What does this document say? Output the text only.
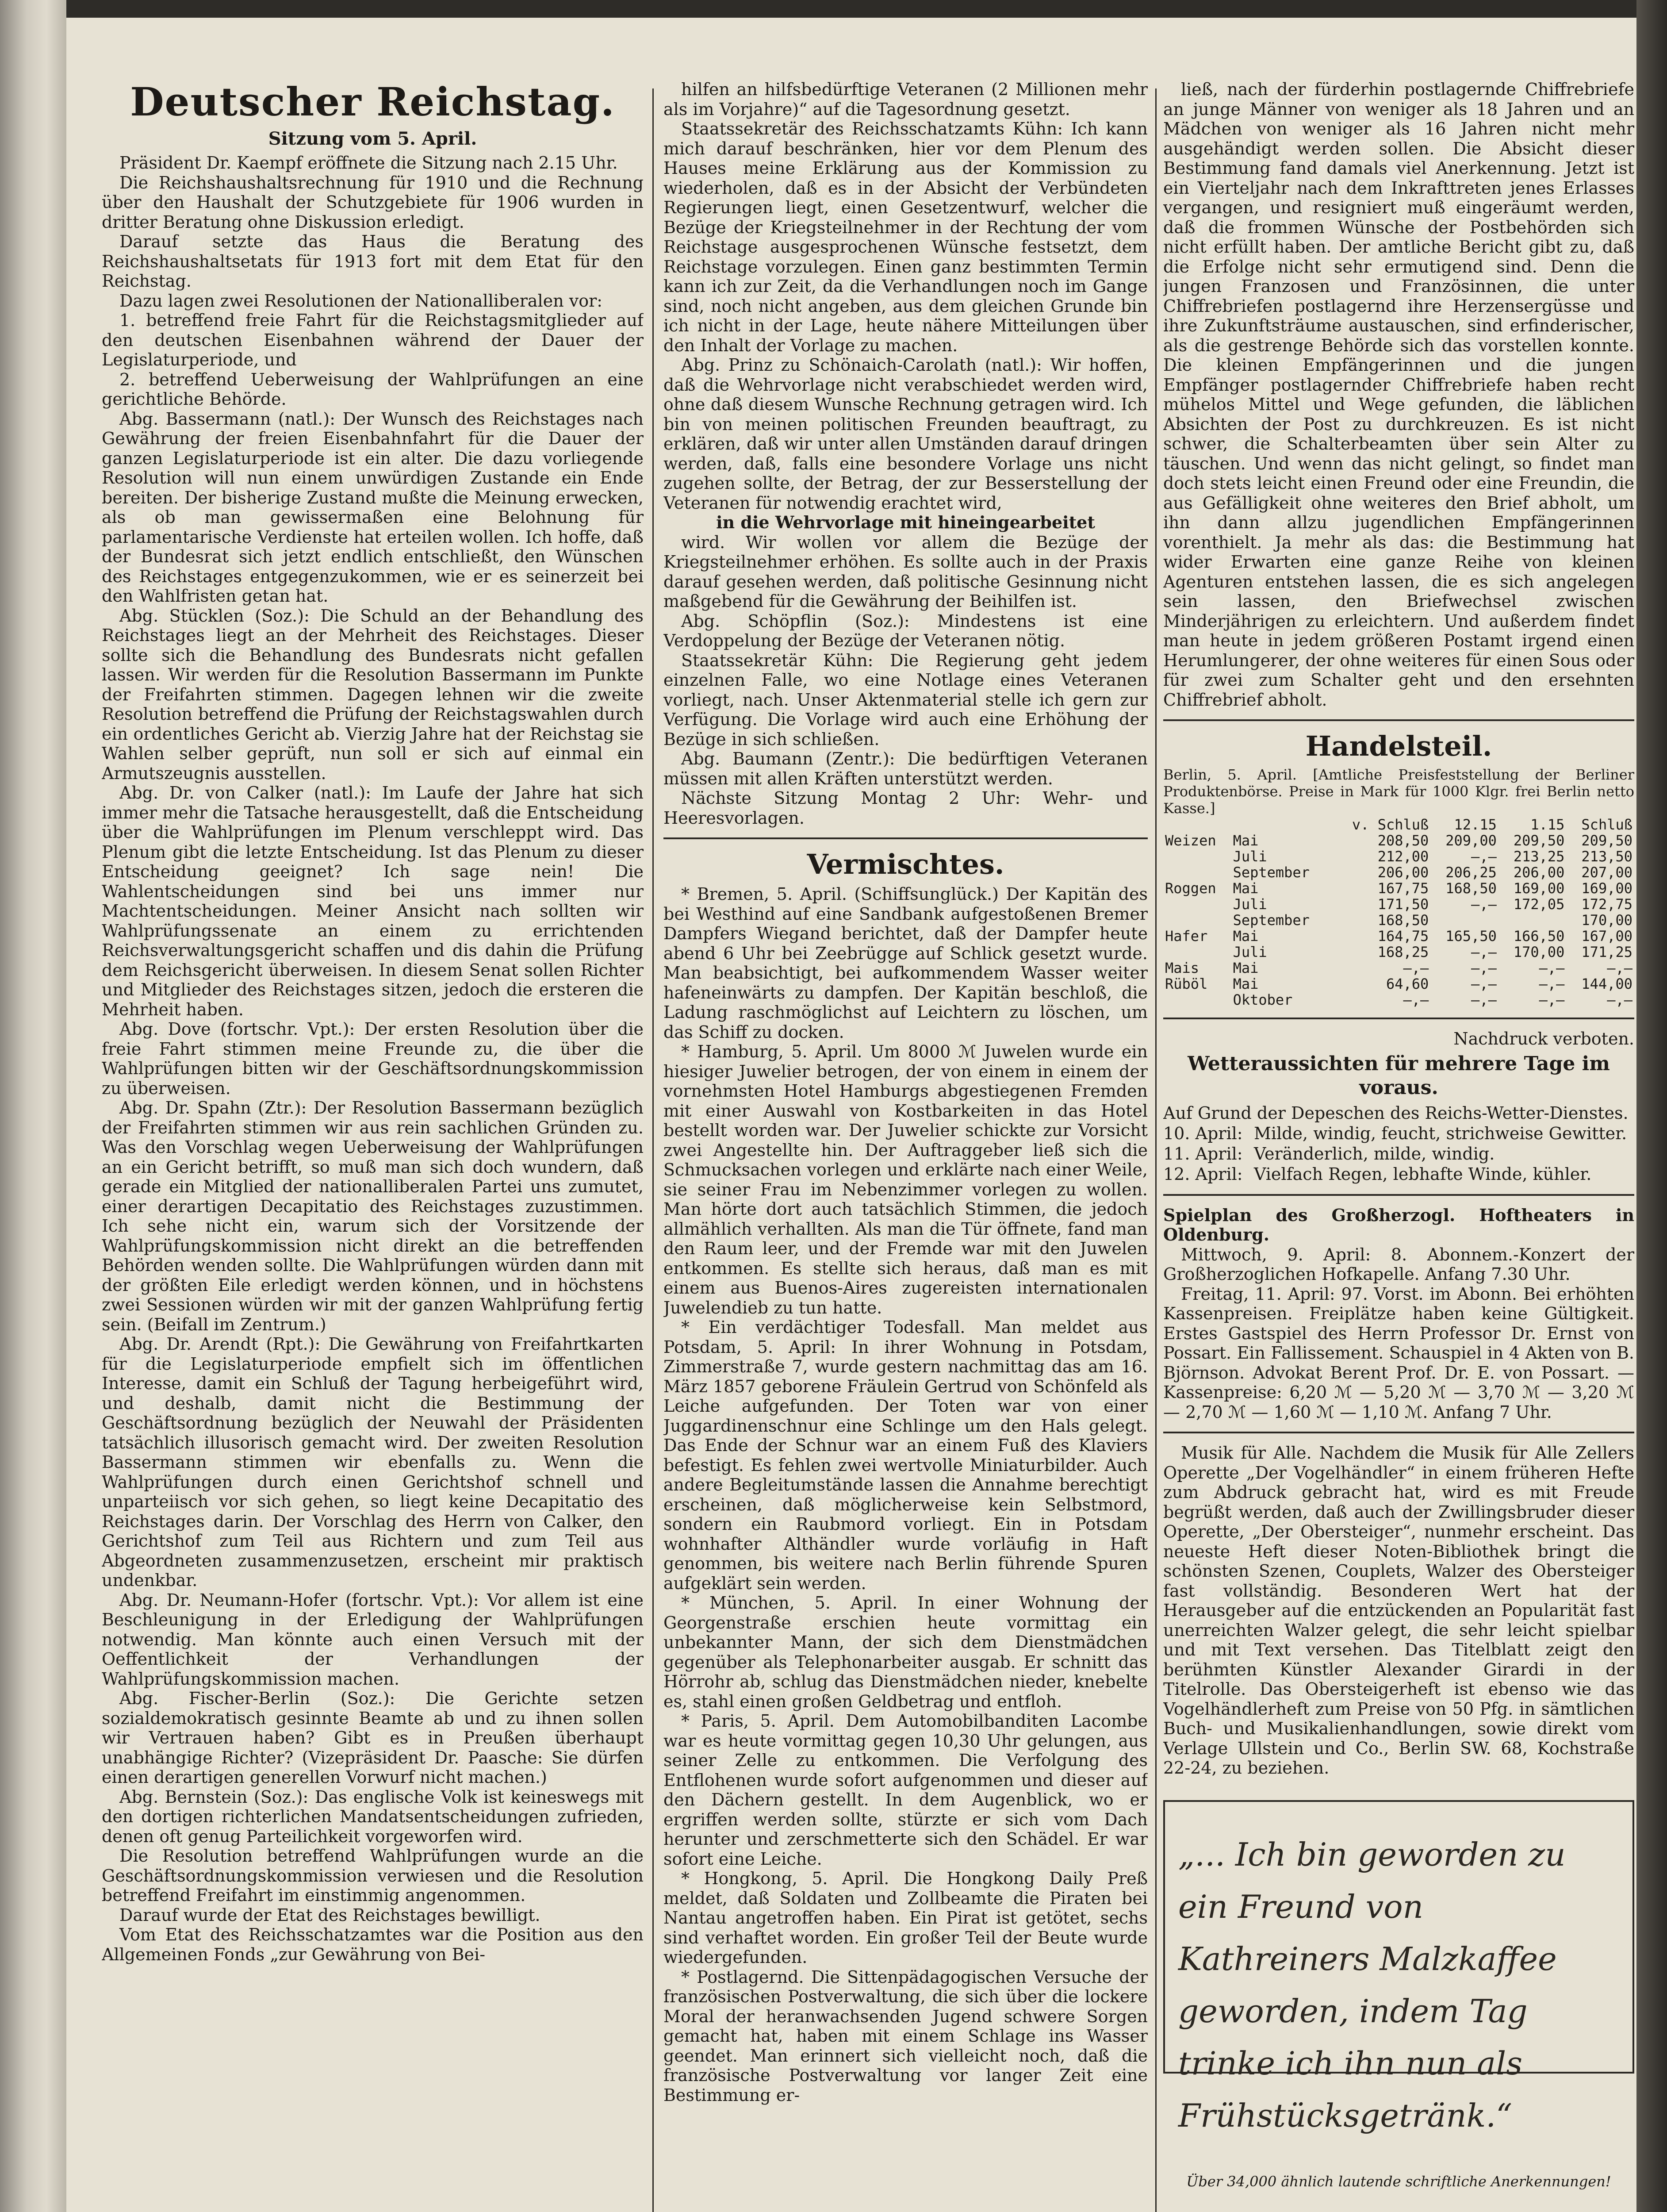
Deutscher Reichstag.
Sitzung vom 5. April.

Präsident Dr. Kaempf eröffnete die Sitzung nach 2.15 Uhr.

Die Reichshaushaltsrechnung für 1910 und die Rechnung über den Haushalt der Schutzgebiete für 1906 wurden in dritter Beratung ohne Diskussion erledigt.

Darauf setzte das Haus die Beratung des Reichshaushaltsetats für 1913 fort mit dem Etat für den Reichstag.

Dazu lagen zwei Resolutionen der Nationalliberalen vor:

1. betreffend freie Fahrt für die Reichstagsmitglieder auf den deutschen Eisenbahnen während der Dauer der Legislaturperiode, und

2. betreffend Ueberweisung der Wahlprüfungen an eine gerichtliche Behörde.

Abg. Bassermann (natl.): Der Wunsch des Reichstages nach Gewährung der freien Eisenbahnfahrt für die Dauer der ganzen Legislaturperiode ist ein alter. Die dazu vorliegende Resolution will nun einem unwürdigen Zustande ein Ende bereiten. Der bisherige Zustand mußte die Meinung erwecken, als ob man gewissermaßen eine Belohnung für parlamentarische Verdienste hat erteilen wollen. Ich hoffe, daß der Bundesrat sich jetzt endlich entschließt, den Wünschen des Reichstages entgegenzukommen, wie er es seinerzeit bei den Wahlfristen getan hat.

Abg. Stücklen (Soz.): Die Schuld an der Behandlung des Reichstages liegt an der Mehrheit des Reichstages. Dieser sollte sich die Behandlung des Bundesrats nicht gefallen lassen. Wir werden für die Resolution Bassermann im Punkte der Freifahrten stimmen. Dagegen lehnen wir die zweite Resolution betreffend die Prüfung der Reichstagswahlen durch ein ordentliches Gericht ab. Vierzig Jahre hat der Reichstag sie Wahlen selber geprüft, nun soll er sich auf einmal ein Armutszeugnis ausstellen.

Abg. Dr. von Calker (natl.): Im Laufe der Jahre hat sich immer mehr die Tatsache herausgestellt, daß die Entscheidung über die Wahlprüfungen im Plenum verschleppt wird. Das Plenum gibt die letzte Entscheidung. Ist das Plenum zu dieser Entscheidung geeignet? Ich sage nein! Die Wahlentscheidungen sind bei uns immer nur Machtentscheidungen. Meiner Ansicht nach sollten wir Wahlprüfungssenate an einem zu errichtenden Reichsverwaltungsgericht schaffen und dis dahin die Prüfung dem Reichsgericht überweisen. In diesem Senat sollen Richter und Mitglieder des Reichstages sitzen, jedoch die ersteren die Mehrheit haben.

Abg. Dove (fortschr. Vpt.): Der ersten Resolution über die freie Fahrt stimmen meine Freunde zu, die über die Wahlprüfungen bitten wir der Geschäftsordnungskommission zu überweisen.

Abg. Dr. Spahn (Ztr.): Der Resolution Bassermann bezüglich der Freifahrten stimmen wir aus rein sachlichen Gründen zu. Was den Vorschlag wegen Ueberweisung der Wahlprüfungen an ein Gericht betrifft, so muß man sich doch wundern, daß gerade ein Mitglied der nationalliberalen Partei uns zumutet, einer derartigen Decapitatio des Reichstages zuzustimmen. Ich sehe nicht ein, warum sich der Vorsitzende der Wahlprüfungskommission nicht direkt an die betreffenden Behörden wenden sollte. Die Wahlprüfungen würden dann mit der größten Eile erledigt werden können, und in höchstens zwei Sessionen würden wir mit der ganzen Wahlprüfung fertig sein. (Beifall im Zentrum.)

Abg. Dr. Arendt (Rpt.): Die Gewährung von Freifahrtkarten für die Legislaturperiode empfielt sich im öffentlichen Interesse, damit ein Schluß der Tagung herbeigeführt wird, und deshalb, damit nicht die Bestimmung der Geschäftsordnung bezüglich der Neuwahl der Präsidenten tatsächlich illusorisch gemacht wird. Der zweiten Resolution Bassermann stimmen wir ebenfalls zu. Wenn die Wahlprüfungen durch einen Gerichtshof schnell und unparteiisch vor sich gehen, so liegt keine Decapitatio des Reichstages darin. Der Vorschlag des Herrn von Calker, den Gerichtshof zum Teil aus Richtern und zum Teil aus Abgeordneten zusammenzusetzen, erscheint mir praktisch undenkbar.

Abg. Dr. Neumann-Hofer (fortschr. Vpt.): Vor allem ist eine Beschleunigung in der Erledigung der Wahlprüfungen notwendig. Man könnte auch einen Versuch mit der Oeffentlichkeit der Verhandlungen der Wahlprüfungskommission machen.

Abg. Fischer-Berlin (Soz.): Die Gerichte setzen sozialdemokratisch gesinnte Beamte ab und zu ihnen sollen wir Vertrauen haben? Gibt es in Preußen überhaupt unabhängige Richter? (Vizepräsident Dr. Paasche: Sie dürfen einen derartigen generellen Vorwurf nicht machen.)

Abg. Bernstein (Soz.): Das englische Volk ist keineswegs mit den dortigen richterlichen Mandatsentscheidungen zufrieden, denen oft genug Parteilichkeit vorgeworfen wird.

Die Resolution betreffend Wahlprüfungen wurde an die Geschäftsordnungskommission verwiesen und die Resolution betreffend Freifahrt im einstimmig angenommen.

Darauf wurde der Etat des Reichstages bewilligt.

Vom Etat des Reichsschatzamtes war die Position aus den Allgemeinen Fonds „zur Gewährung von Bei-

hilfen an hilfsbedürftige Veteranen (2 Millionen mehr als im Vorjahre)“ auf die Tagesordnung gesetzt.

Staatssekretär des Reichsschatzamts Kühn: Ich kann mich darauf beschränken, hier vor dem Plenum des Hauses meine Erklärung aus der Kommission zu wiederholen, daß es in der Absicht der Verbündeten Regierungen liegt, einen Gesetzentwurf, welcher die Bezüge der Kriegsteilnehmer in der Rechtung der vom Reichstage ausgesprochenen Wünsche festsetzt, dem Reichstage vorzulegen. Einen ganz bestimmten Termin kann ich zur Zeit, da die Verhandlungen noch im Gange sind, noch nicht angeben, aus dem gleichen Grunde bin ich nicht in der Lage, heute nähere Mitteilungen über den Inhalt der Vorlage zu machen.

Abg. Prinz zu Schönaich-Carolath (natl.): Wir hoffen, daß die Wehrvorlage nicht verabschiedet werden wird, ohne daß diesem Wunsche Rechnung getragen wird. Ich bin von meinen politischen Freunden beauftragt, zu erklären, daß wir unter allen Umständen darauf dringen werden, daß, falls eine besondere Vorlage uns nicht zugehen sollte, der Betrag, der zur Besserstellung der Veteranen für notwendig erachtet wird,

in die Wehrvorlage mit hineingearbeitet

wird. Wir wollen vor allem die Bezüge der Kriegsteilnehmer erhöhen. Es sollte auch in der Praxis darauf gesehen werden, daß politische Gesinnung nicht maßgebend für die Gewährung der Beihilfen ist.

Abg. Schöpflin (Soz.): Mindestens ist eine Verdoppelung der Bezüge der Veteranen nötig.

Staatssekretär Kühn: Die Regierung geht jedem einzelnen Falle, wo eine Notlage eines Veteranen vorliegt, nach. Unser Aktenmaterial stelle ich gern zur Verfügung. Die Vorlage wird auch eine Erhöhung der Bezüge in sich schließen.

Abg. Baumann (Zentr.): Die bedürftigen Veteranen müssen mit allen Kräften unterstützt werden.

Nächste Sitzung Montag 2 Uhr: Wehr- und Heeresvorlagen.

Vermischtes.

* Bremen, 5. April. (Schiffsunglück.) Der Kapitän des bei Westhind auf eine Sandbank aufgestoßenen Bremer Dampfers Wiegand berichtet, daß der Dampfer heute abend 6 Uhr bei Zeebrügge auf Schlick gesetzt wurde. Man beabsichtigt, bei aufkommendem Wasser weiter hafeneinwärts zu dampfen. Der Kapitän beschloß, die Ladung raschmöglichst auf Leichtern zu löschen, um das Schiff zu docken.

* Hamburg, 5. April. Um 8000 ℳ Juwelen wurde ein hiesiger Juwelier betrogen, der von einem in einem der vornehmsten Hotel Hamburgs abgestiegenen Fremden mit einer Auswahl von Kostbarkeiten in das Hotel bestellt worden war. Der Juwelier schickte zur Vorsicht zwei Angestellte hin. Der Auftraggeber ließ sich die Schmucksachen vorlegen und erklärte nach einer Weile, sie seiner Frau im Nebenzimmer vorlegen zu wollen. Man hörte dort auch tatsächlich Stimmen, die jedoch allmählich verhallten. Als man die Tür öffnete, fand man den Raum leer, und der Fremde war mit den Juwelen entkommen. Es stellte sich heraus, daß man es mit einem aus Buenos-Aires zugereisten internationalen Juwelendieb zu tun hatte.

* Ein verdächtiger Todesfall. Man meldet aus Potsdam, 5. April: In ihrer Wohnung in Potsdam, Zimmerstraße 7, wurde gestern nachmittag das am 16. März 1857 geborene Fräulein Gertrud von Schönfeld als Leiche aufgefunden. Der Toten war von einer Juggardinenschnur eine Schlinge um den Hals gelegt. Das Ende der Schnur war an einem Fuß des Klaviers befestigt. Es fehlen zwei wertvolle Miniaturbilder. Auch andere Begleitumstände lassen die Annahme berechtigt erscheinen, daß möglicherweise kein Selbstmord, sondern ein Raubmord vorliegt. Ein in Potsdam wohnhafter Althändler wurde vorläufig in Haft genommen, bis weitere nach Berlin führende Spuren aufgeklärt sein werden.

* München, 5. April. In einer Wohnung der Georgenstraße erschien heute vormittag ein unbekannter Mann, der sich dem Dienstmädchen gegenüber als Telephonarbeiter ausgab. Er schnitt das Hörrohr ab, schlug das Dienstmädchen nieder, knebelte es, stahl einen großen Geldbetrag und entfloh.

* Paris, 5. April. Dem Automobilbanditen Lacombe war es heute vormittag gegen 10,30 Uhr gelungen, aus seiner Zelle zu entkommen. Die Verfolgung des Entflohenen wurde sofort aufgenommen und dieser auf den Dächern gestellt. In dem Augenblick, wo er ergriffen werden sollte, stürzte er sich vom Dach herunter und zerschmetterte sich den Schädel. Er war sofort eine Leiche.

* Hongkong, 5. April. Die Hongkong Daily Preß meldet, daß Soldaten und Zollbeamte die Piraten bei Nantau angetroffen haben. Ein Pirat ist getötet, sechs sind verhaftet worden. Ein großer Teil der Beute wurde wiedergefunden.

* Postlagernd. Die Sittenpädagogischen Versuche der französischen Postverwaltung, die sich über die lockere Moral der heranwachsenden Jugend schwere Sorgen gemacht hat, haben mit einem Schlage ins Wasser geendet. Man erinnert sich vielleicht noch, daß die französische Postverwaltung vor langer Zeit eine Bestimmung er-

ließ, nach der fürderhin postlagernde Chiffrebriefe an junge Männer von weniger als 18 Jahren und an Mädchen von weniger als 16 Jahren nicht mehr ausgehändigt werden sollen. Die Absicht dieser Bestimmung fand damals viel Anerkennung. Jetzt ist ein Vierteljahr nach dem Inkrafttreten jenes Erlasses vergangen, und resigniert muß eingeräumt werden, daß die frommen Wünsche der Postbehörden sich nicht erfüllt haben. Der amtliche Bericht gibt zu, daß die Erfolge nicht sehr ermutigend sind. Denn die jungen Franzosen und Französinnen, die unter Chiffrebriefen postlagernd ihre Herzensergüsse und ihre Zukunftsträume austauschen, sind erfinderischer, als die gestrenge Behörde sich das vorstellen konnte. Die kleinen Empfängerinnen und die jungen Empfänger postlagernder Chiffrebriefe haben recht mühelos Mittel und Wege gefunden, die läblichen Absichten der Post zu durchkreuzen. Es ist nicht schwer, die Schalterbeamten über sein Alter zu täuschen. Und wenn das nicht gelingt, so findet man doch stets leicht einen Freund oder eine Freundin, die aus Gefälligkeit ohne weiteres den Brief abholt, um ihn dann allzu jugendlichen Empfängerinnen vorenthielt. Ja mehr als das: die Bestimmung hat wider Erwarten eine ganze Reihe von kleinen Agenturen entstehen lassen, die es sich angelegen sein lassen, den Briefwechsel zwischen Minderjährigen zu erleichtern. Und außerdem findet man heute in jedem größeren Postamt irgend einen Herumlungerer, der ohne weiteres für einen Sous oder für zwei zum Schalter geht und den ersehnten Chiffrebrief abholt.

Handelsteil.

Berlin, 5. April. [Amtliche Preisfeststellung der Berliner Produktenbörse. Preise in Mark für 1000 Klgr. frei Berlin netto Kasse.]

		v. Schluß	12.15	1.15	Schluß
Weizen	Mai	208,50	209,00	209,50	209,50
	Juli	212,00	—,—	213,25	213,50
	September	206,00	206,25	206,00	207,00
Roggen	Mai	167,75	168,50	169,00	169,00
	Juli	171,50	—,—	172,05	172,75
	September	168,50			170,00
Hafer	Mai	164,75	165,50	166,50	167,00
	Juli	168,25	—,—	170,00	171,25
Mais	Mai	—,—	—,—	—,—	—,—
Rüböl	Mai	64,60	—,—	—,—	144,00
	Oktober	—,—	—,—	—,—	—,—
Nachdruck verboten.
Wetteraussichten für mehrere Tage im voraus.

Auf Grund der Depeschen des Reichs-Wetter-Dienstes.

10. April: Milde, windig, feucht, strichweise Gewitter.
11. April: Veränderlich, milde, windig.
12. April: Vielfach Regen, lebhafte Winde, kühler.

Spielplan des Großherzogl. Hoftheaters in Oldenburg.

Mittwoch, 9. April: 8. Abonnem.-Konzert der Großherzoglichen Hofkapelle. Anfang 7.30 Uhr.

Freitag, 11. April: 97. Vorst. im Abonn. Bei erhöhten Kassenpreisen. Freiplätze haben keine Gültigkeit. Erstes Gastspiel des Herrn Professor Dr. Ernst von Possart. Ein Fallissement. Schauspiel in 4 Akten von B. Björnson. Advokat Berent Prof. Dr. E. von Possart. — Kassenpreise: 6,20 ℳ — 5,20 ℳ — 3,70 ℳ — 3,20 ℳ — 2,70 ℳ — 1,60 ℳ — 1,10 ℳ. Anfang 7 Uhr.

Musik für Alle. Nachdem die Musik für Alle Zellers Operette „Der Vogelhändler“ in einem früheren Hefte zum Abdruck gebracht hat, wird es mit Freude begrüßt werden, daß auch der Zwillingsbruder dieser Operette, „Der Obersteiger“, nunmehr erscheint. Das neueste Heft dieser Noten-Bibliothek bringt die schönsten Szenen, Couplets, Walzer des Obersteiger fast vollständig. Besonderen Wert hat der Herausgeber auf die entzückenden an Popularität fast unerreichten Walzer gelegt, die sehr leicht spielbar und mit Text versehen. Das Titelblatt zeigt den berühmten Künstler Alexander Girardi in der Titelrolle. Das Obersteigerheft ist ebenso wie das Vogelhändlerheft zum Preise von 50 Pfg. in sämtlichen Buch- und Musikalienhandlungen, sowie direkt vom Verlage Ullstein und Co., Berlin SW. 68, Kochstraße 22-24, zu beziehen.

„... Ich bin geworden zu ein Freund von Kathreiners Malzkaffee geworden, indem Tag trinke ich ihn nun als Frühstücksgetränk.“
Über 34,000 ähnlich lautende schriftliche Anerkennungen!
